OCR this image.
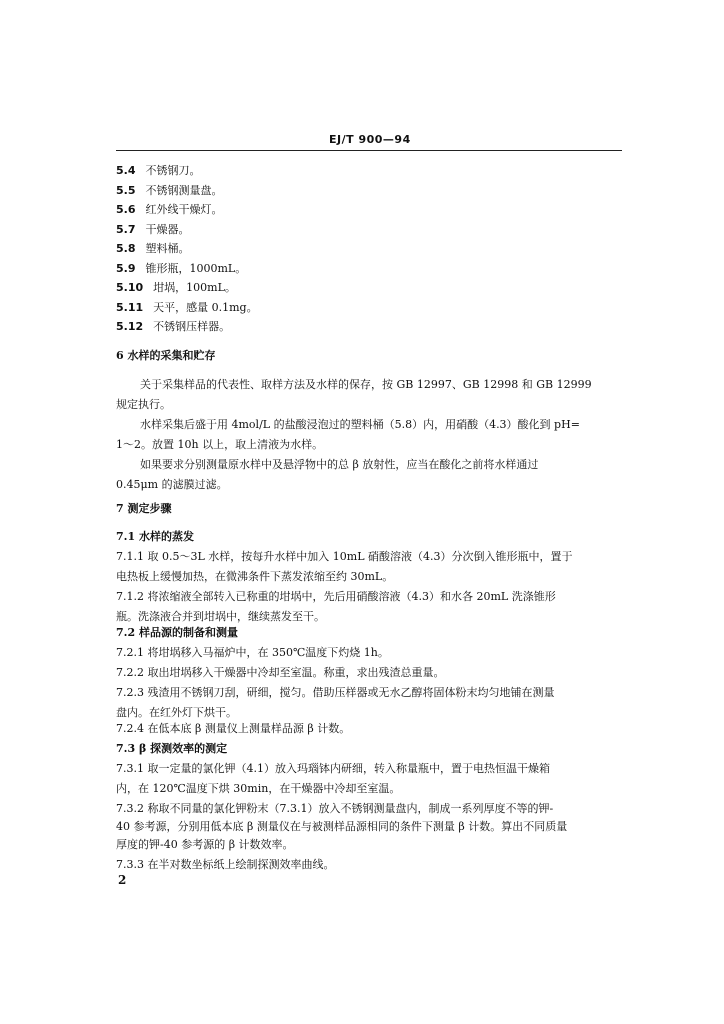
EJ/T 900—94
5.4 不锈钢刀。
5.5 不锈钢测量盘。
5.6 红外线干燥灯。
5.7 干燥器。
5.8 塑料桶。
5.9 锥形瓶，1000mL。
5.10 坩埚，100mL。
5.11 天平，感量 0.1mg。
5.12 不锈钢压样器。
6 水样的采集和贮存
关于采集样品的代表性、取样方法及水样的保存，按 GB 12997、GB 12998 和 GB 12999
规定执行。
水样采集后盛于用 4mol/L 的盐酸浸泡过的塑料桶（5.8）内，用硝酸（4.3）酸化到 pH=
1～2。放置 10h 以上，取上清液为水样。
如果要求分别测量原水样中及悬浮物中的总 β 放射性，应当在酸化之前将水样通过
0.45μm 的滤膜过滤。
7 测定步骤
7.1 水样的蒸发
7.1.1 取 0.5～3L 水样，按每升水样中加入 10mL 硝酸溶液（4.3）分次倒入锥形瓶中，置于
电热板上缓慢加热，在微沸条件下蒸发浓缩至约 30mL。
7.1.2 将浓缩液全部转入已称重的坩埚中，先后用硝酸溶液（4.3）和水各 20mL 洗涤锥形
瓶。洗涤液合并到坩埚中，继续蒸发至干。
7.2 样品源的制备和测量
7.2.1 将坩埚移入马福炉中，在 350℃温度下灼烧 1h。
7.2.2 取出坩埚移入干燥器中冷却至室温。称重，求出残渣总重量。
7.2.3 残渣用不锈钢刀刮，研细，搅匀。借助压样器或无水乙醇将固体粉末均匀地铺在测量
盘内。在红外灯下烘干。
7.2.4 在低本底 β 测量仪上测量样品源 β 计数。
7.3 β 探测效率的测定
7.3.1 取一定量的氯化钾（4.1）放入玛瑙钵内研细，转入称量瓶中，置于电热恒温干燥箱
内，在 120℃温度下烘 30min，在干燥器中冷却至室温。
7.3.2 称取不同量的氯化钾粉末（7.3.1）放入不锈钢测量盘内，制成一系列厚度不等的钾-
40 参考源，分别用低本底 β 测量仪在与被测样品源相同的条件下测量 β 计数。算出不同质量
厚度的钾-40 参考源的 β 计数效率。
7.3.3 在半对数坐标纸上绘制探测效率曲线。
2
